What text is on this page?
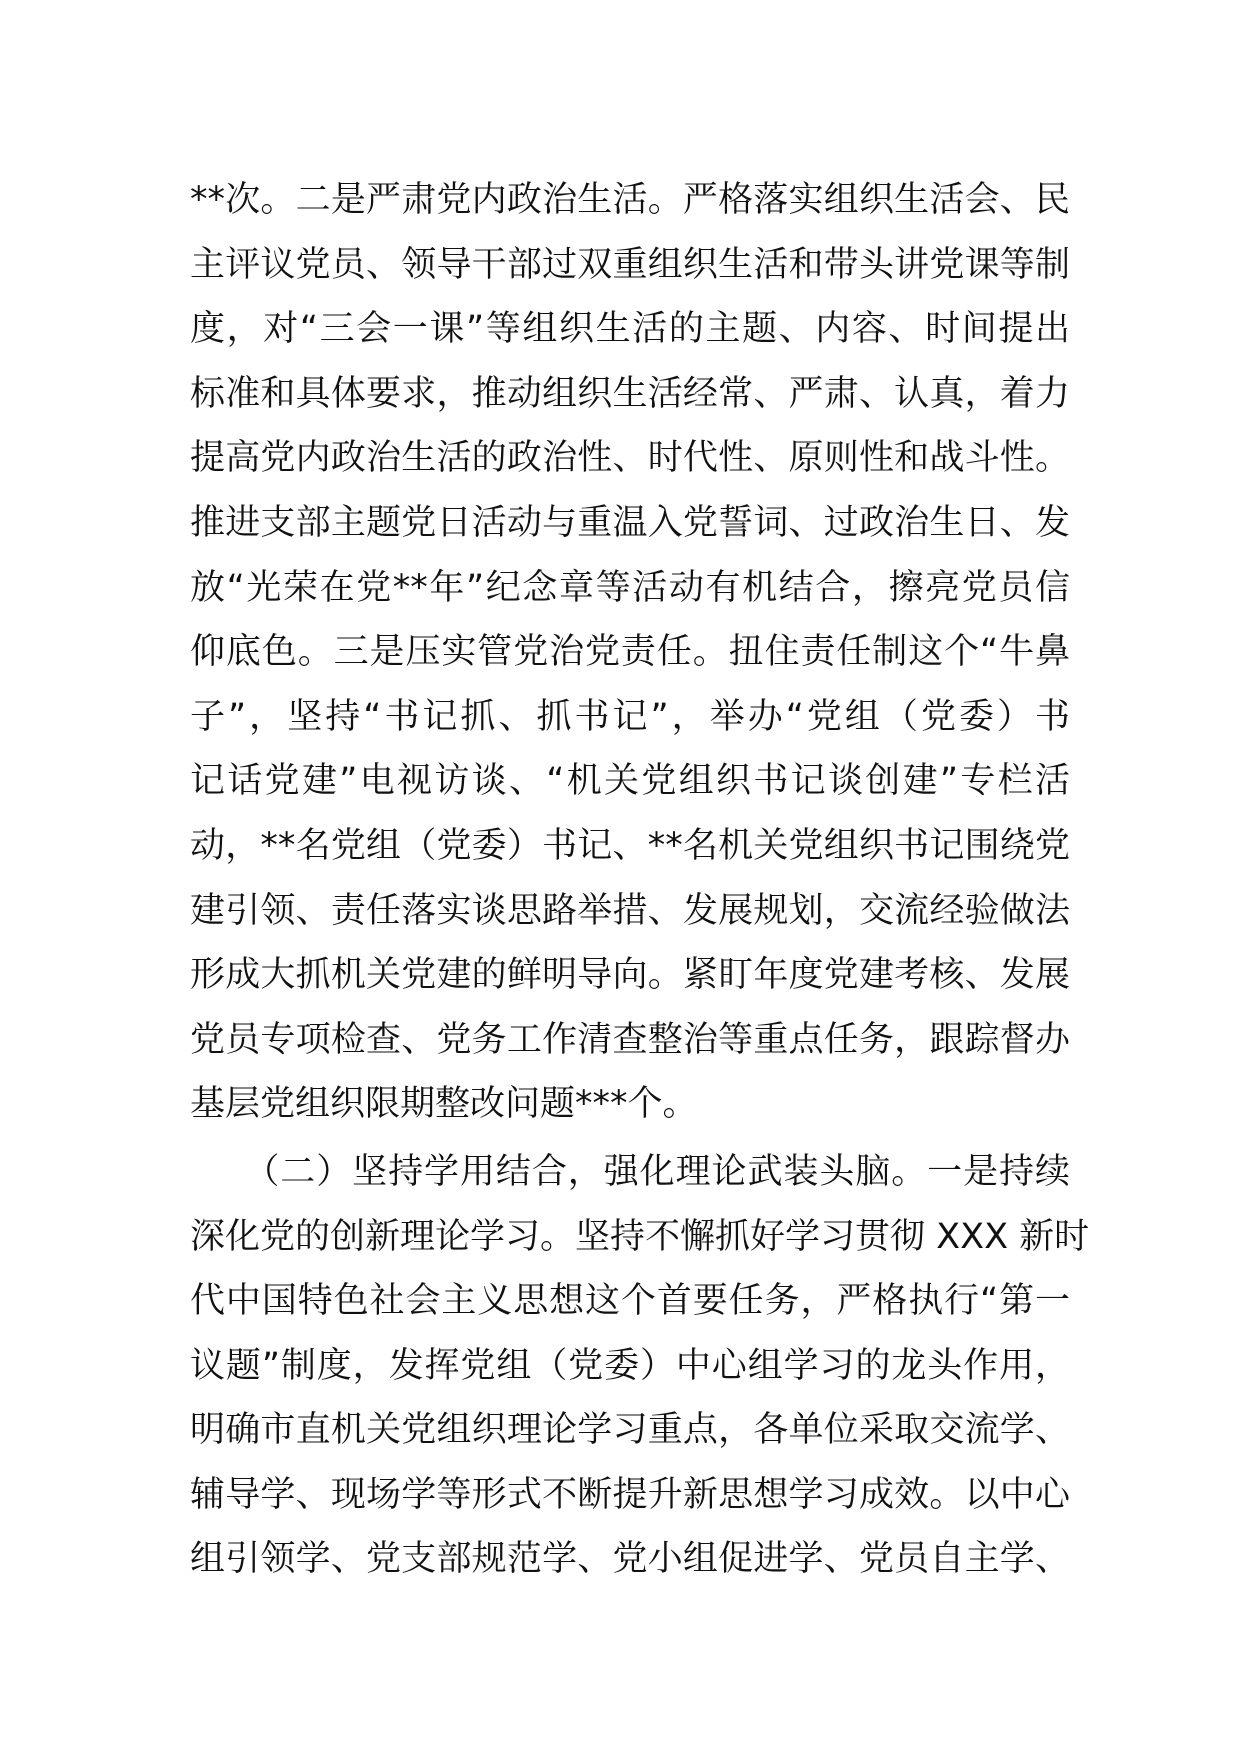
**次。二是严肃党内政治生活。严格落实组织生活会、民
主评议党员、领导干部过双重组织生活和带头讲党课等制
度，对“三会一课”等组织生活的主题、内容、时间提出
标准和具体要求，推动组织生活经常、严肃、认真，着力
提高党内政治生活的政治性、时代性、原则性和战斗性。
推进支部主题党日活动与重温入党誓词、过政治生日、发
放“光荣在党**年”纪念章等活动有机结合，擦亮党员信
仰底色。三是压实管党治党责任。扭住责任制这个“牛鼻
子”，坚持“书记抓、抓书记”，举办“党组（党委）书
记话党建”电视访谈、“机关党组织书记谈创建”专栏活
动，**名党组（党委）书记、**名机关党组织书记围绕党
建引领、责任落实谈思路举措、发展规划，交流经验做法
形成大抓机关党建的鲜明导向。紧盯年度党建考核、发展
党员专项检查、党务工作清查整治等重点任务，跟踪督办
基层党组织限期整改问题***个。
　　（二）坚持学用结合，强化理论武装头脑。一是持续
深化党的创新理论学习。坚持不懈抓好学习贯彻 XXX 新时
代中国特色社会主义思想这个首要任务，严格执行“第一
议题”制度，发挥党组（党委）中心组学习的龙头作用，
明确市直机关党组织理论学习重点，各单位采取交流学、
辅导学、现场学等形式不断提升新思想学习成效。以中心
组引领学、党支部规范学、党小组促进学、党员自主学、
